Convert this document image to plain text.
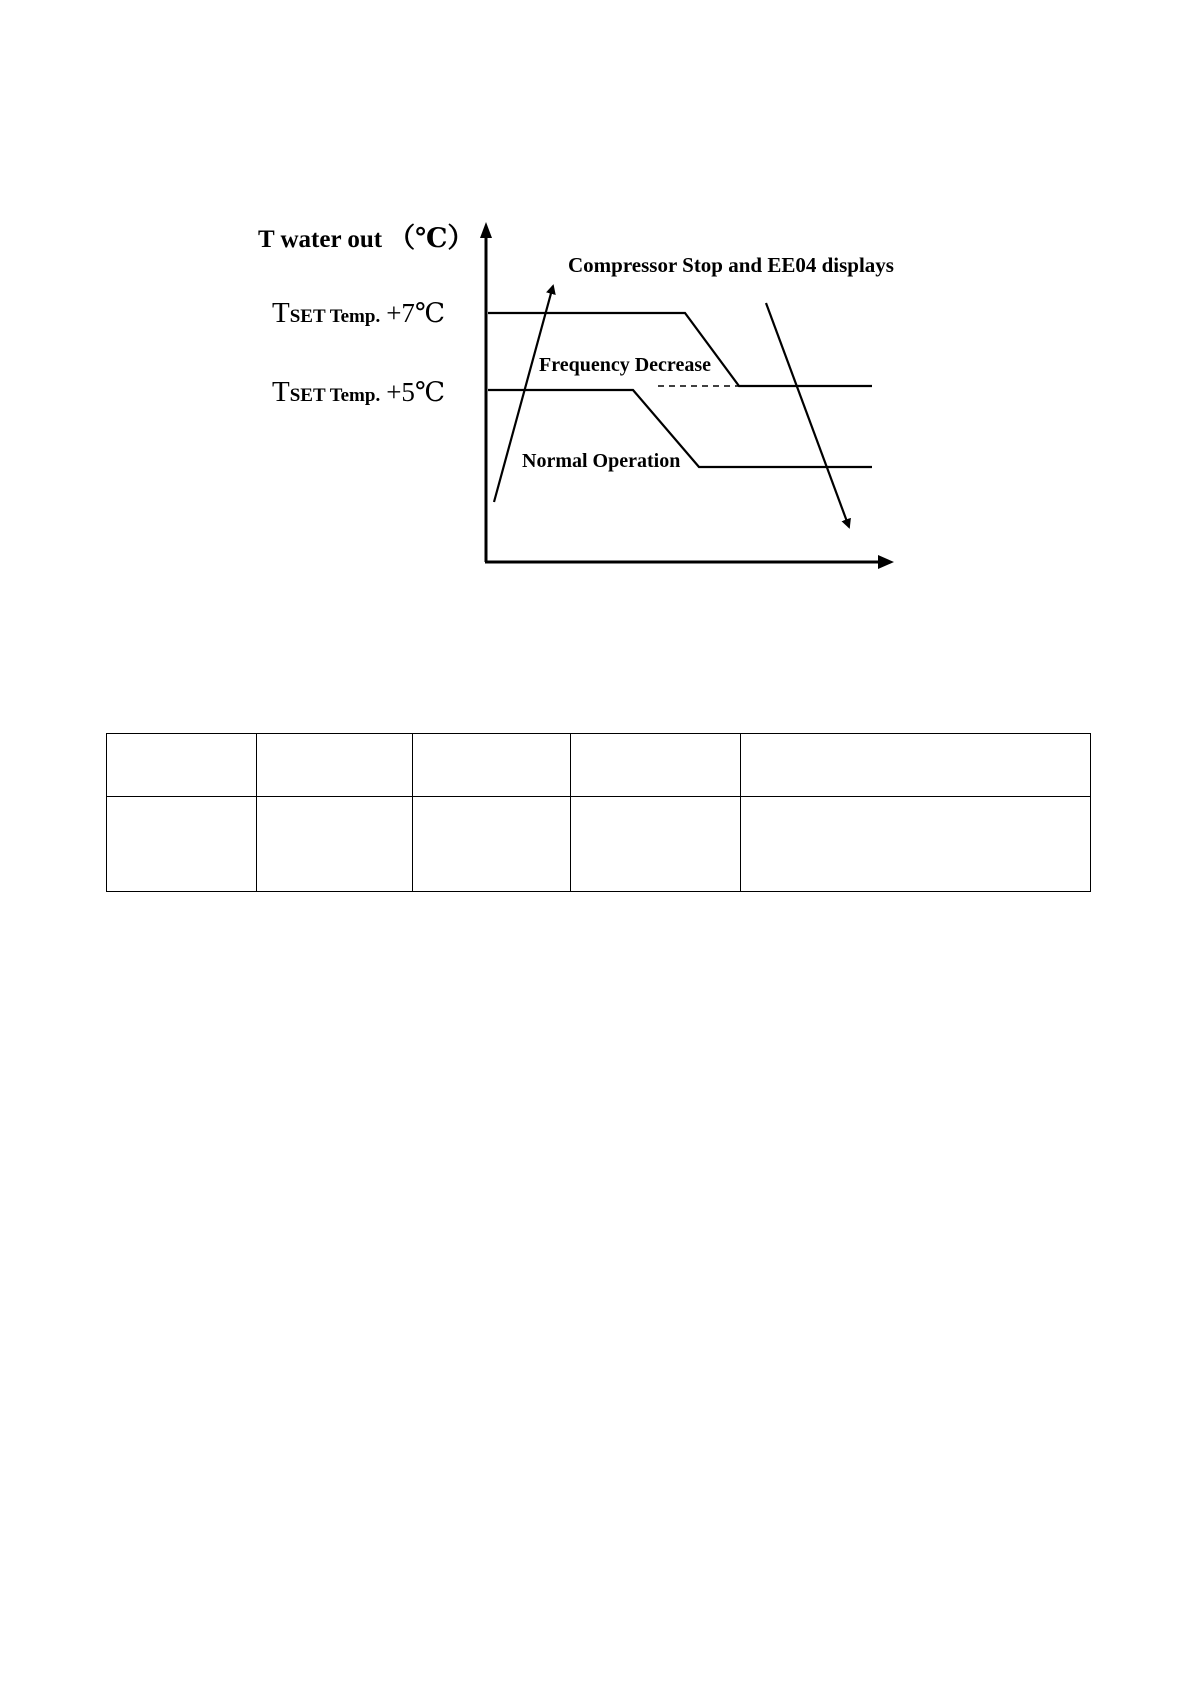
T water out （℃）
TSET Temp. +7℃
TSET Temp. +5℃
Compressor Stop and EE04 displays
Frequency Decrease
Normal Operation
